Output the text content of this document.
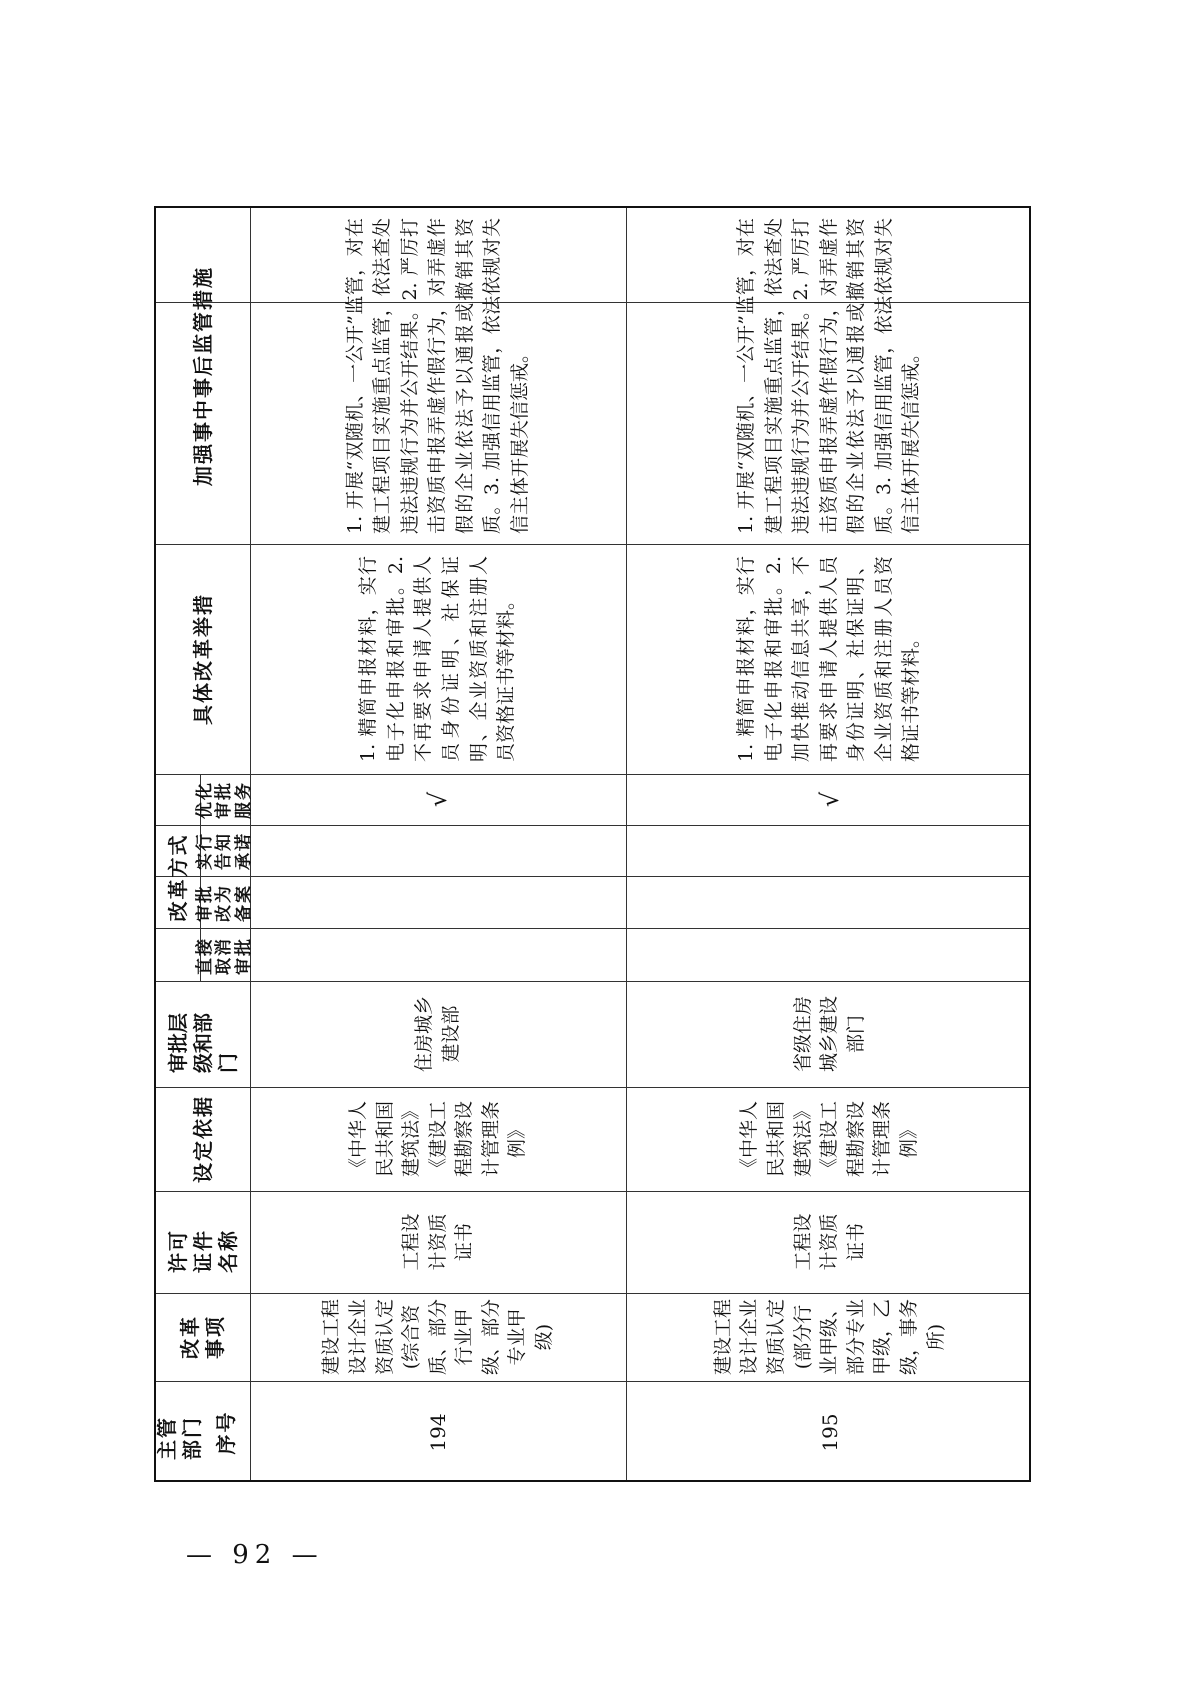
加强事中事后监管措施
具体改革举措
改革方式
优化审批服务
实行告知承诺
审批改为备案
直接取消审批
审批层级和部门
设定依据
许可证件名称
改革事项
主管部门 序号
1. 开展“双随机、一公开”监管，对在建工程项目实施重点监管，依法查处违法违规行为并公开结果。2. 严厉打击资质申报弄虚作假行为，对弄虚作假的企业依法予以通报或撤销其资质。3. 加强信用监管，依法依规对失信主体开展失信惩戒。
1. 精简申报材料，实行电子化申报和审批。2. 不再要求申请人提供人员身份证明、社保证明、企业资质和注册人员资格证书等材料。
√
住房城乡建设部
《中华人民共和国建筑法》《建设工程勘察设计管理条例》
工程设计资质证书
建设工程设计企业资质认定(综合资质、部分行业甲级、部分专业甲级)
194
1. 开展“双随机、一公开”监管，对在建工程项目实施重点监管，依法查处违法违规行为并公开结果。2. 严厉打击资质申报弄虚作假行为，对弄虚作假的企业依法予以通报或撤销其资质。3. 加强信用监管，依法依规对失信主体开展失信惩戒。
1. 精简申报材料，实行电子化申报和审批。2. 加快推动信息共享，不再要求申请人提供人员身份证明、社保证明、企业资质和注册人员资格证书等材料。
√
省级住房城乡建设部门
《中华人民共和国建筑法》《建设工程勘察设计管理条例》
工程设计资质证书
建设工程设计企业资质认定(部分行业甲级、部分专业甲级，乙级，事务所)
195
— 92 —
